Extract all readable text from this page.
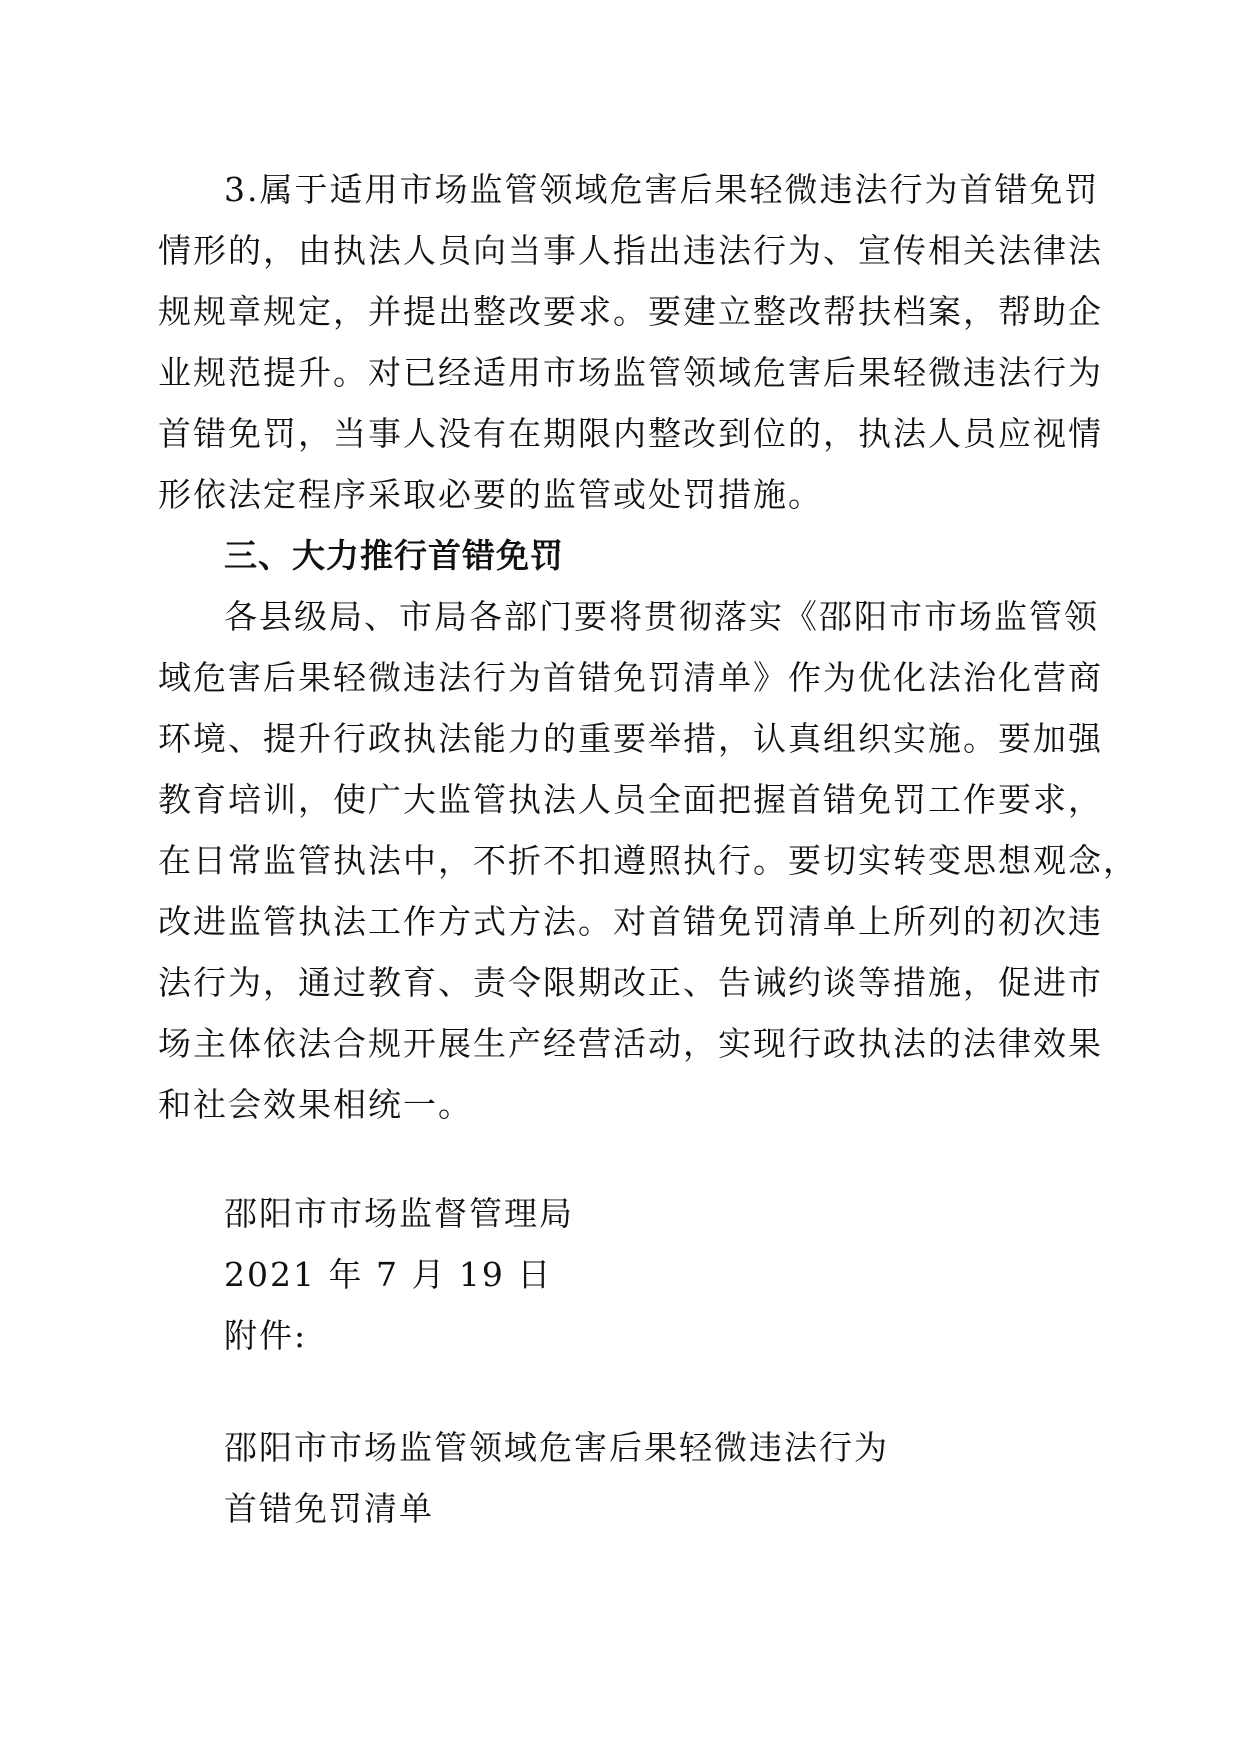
3.属于适用市场监管领域危害后果轻微违法行为首错免罚
情形的，由执法人员向当事人指出违法行为、宣传相关法律法
规规章规定，并提出整改要求。要建立整改帮扶档案，帮助企
业规范提升。对已经适用市场监管领域危害后果轻微违法行为
首错免罚，当事人没有在期限内整改到位的，执法人员应视情
形依法定程序采取必要的监管或处罚措施。
三、大力推行首错免罚
各县级局、市局各部门要将贯彻落实《邵阳市市场监管领
域危害后果轻微违法行为首错免罚清单》作为优化法治化营商
环境、提升行政执法能力的重要举措，认真组织实施。要加强
教育培训，使广大监管执法人员全面把握首错免罚工作要求，
在日常监管执法中，不折不扣遵照执行。要切实转变思想观念，
改进监管执法工作方式方法。对首错免罚清单上所列的初次违
法行为，通过教育、责令限期改正、告诫约谈等措施，促进市
场主体依法合规开展生产经营活动，实现行政执法的法律效果
和社会效果相统一。
邵阳市市场监督管理局
2021 年 7 月 19 日
附件:
邵阳市市场监管领域危害后果轻微违法行为
首错免罚清单
